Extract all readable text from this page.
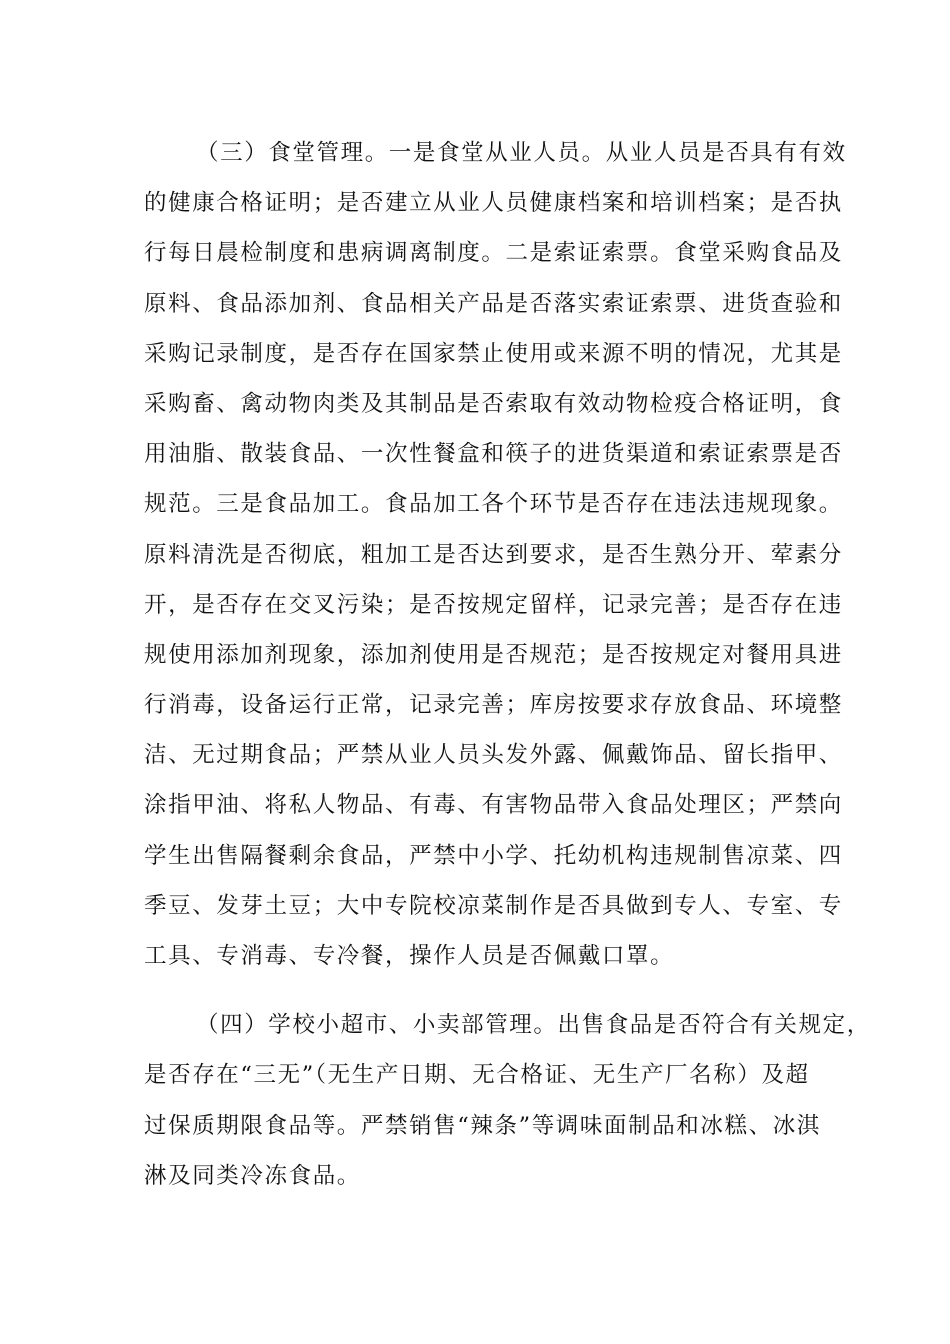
（三）食堂管理。一是食堂从业人员。从业人员是否具有有效
的健康合格证明；是否建立从业人员健康档案和培训档案；是否执
行每日晨检制度和患病调离制度。二是索证索票。食堂采购食品及
原料、食品添加剂、食品相关产品是否落实索证索票、进货查验和
采购记录制度，是否存在国家禁止使用或来源不明的情况，尤其是
采购畜、禽动物肉类及其制品是否索取有效动物检疫合格证明，食
用油脂、散装食品、一次性餐盒和筷子的进货渠道和索证索票是否
规范。三是食品加工。食品加工各个环节是否存在违法违规现象。
原料清洗是否彻底，粗加工是否达到要求，是否生熟分开、荤素分
开，是否存在交叉污染；是否按规定留样，记录完善；是否存在违
规使用添加剂现象，添加剂使用是否规范；是否按规定对餐用具进
行消毒，设备运行正常，记录完善；库房按要求存放食品、环境整
洁、无过期食品；严禁从业人员头发外露、佩戴饰品、留长指甲、
涂指甲油、将私人物品、有毒、有害物品带入食品处理区；严禁向
学生出售隔餐剩余食品，严禁中小学、托幼机构违规制售凉菜、四
季豆、发芽土豆；大中专院校凉菜制作是否具做到专人、专室、专
工具、专消毒、专冷餐，操作人员是否佩戴口罩。
（四）学校小超市、小卖部管理。出售食品是否符合有关规定，
是否存在“三无”（无生产日期、无合格证、无生产厂名称）及超
过保质期限食品等。严禁销售“辣条”等调味面制品和冰糕、冰淇
淋及同类冷冻食品。
